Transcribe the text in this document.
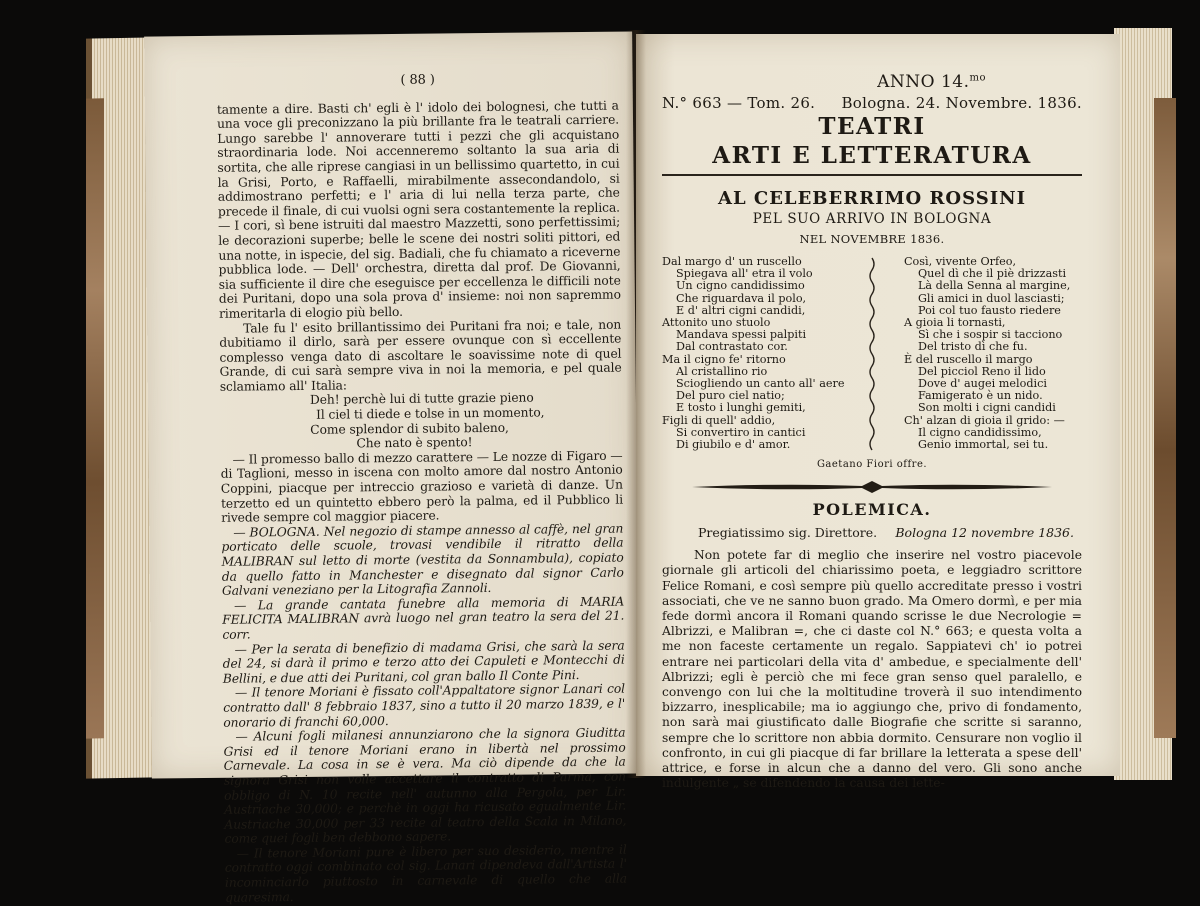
( 88 )

tamente a dire. Basti ch' egli è l' idolo dei bolognesi, che tutti a una voce gli preconizzano la più brillante fra le teatrali carriere. Lungo sarebbe l' annoverare tutti i pezzi che gli acquistano straordinaria lode. Noi accenneremo soltanto la sua aria di sortita, che alle riprese cangiasi in un bellissimo quartetto, in cui la Grisi, Porto, e Raffaelli, mirabilmente assecondandolo, si addimostrano perfetti; e l' aria di lui nella terza parte, che precede il finale, di cui vuolsi ogni sera costantemente la replica. — I cori, sì bene istruiti dal maestro Mazzetti, sono perfettissimi; le decorazioni superbe; belle le scene dei nostri soliti pittori, ed una notte, in ispecie, del sig. Badiali, che fu chiamato a riceverne pubblica lode. — Dell' orchestra, diretta dal prof. De Giovanni, sia sufficiente il dire che eseguisce per eccellenza le difficili note dei Puritani, dopo una sola prova d' insieme: noi non sapremmo rimeritarla di elogio più bello.

Tale fu l' esito brillantissimo dei Puritani fra noi; e tale, non dubitiamo il dirlo, sarà per essere ovunque con sì eccellente complesso venga dato di ascoltare le soavissime note di quel Grande, di cui sarà sempre viva in noi la memoria, e pel quale sclamiamo all' Italia:

Deh! perchè lui di tutte grazie pieno
Il ciel ti diede e tolse in un momento,
Come splendor di subito baleno,
Che nato è spento!

— Il promesso ballo di mezzo carattere — Le nozze di Figaro — di Taglioni, messo in iscena con molto amore dal nostro Antonio Coppini, piacque per intreccio grazioso e varietà di danze. Un terzetto ed un quintetto ebbero però la palma, ed il Pubblico li rivede sempre col maggior piacere.

— BOLOGNA. Nel negozio di stampe annesso al caffè, nel gran porticato delle scuole, trovasi vendibile il ritratto della MALIBRAN sul letto di morte (vestita da Sonnambula), copiato da quello fatto in Manchester e disegnato dal signor Carlo Galvani veneziano per la Litografia Zannoli.

— La grande cantata funebre alla memoria di MARIA FELICITA MALIBRAN avrà luogo nel gran teatro la sera del 21. corr.

— Per la serata di benefizio di madama Grisi, che sarà la sera del 24, si darà il primo e terzo atto dei Capuleti e Montecchi di Bellini, e due atti dei Puritani, col gran ballo Il Conte Pini.

— Il tenore Moriani è fissato coll'Appaltatore signor Lanari col contratto dall' 8 febbraio 1837, sino a tutto il 20 marzo 1839, e l' onorario di franchi 60,000.

— Alcuni fogli milanesi annunziarono che la signora Giuditta Grisi ed il tenore Moriani erano in libertà nel prossimo Carnevale. La cosa in se è vera. Ma ciò dipende da che la signora Grisi non volle accettare il contratto di Parma, con obbligo di N. 10 recite nell' autunno alla Pergola, per Lir. Austriache 30,000; e perchè in oggi ha ricusato egualmente Lir. Austriache 30,000 per 33 recite al teatro della Scala in Milano, come quei fogli ben debbono sapere.

— Il tenore Moriani pure è libero per suo desiderio, mentre il contratto oggi combinato col sig. Lanari dipendeva dall'Artista l' incominciarlo piuttosto in carnevale di quello che alla quaresima.

ANNO 14.$^{mo}$
N.° 663 — Tom. 26. Bologna. 24. Novembre. 1836.
TEATRI
ARTI E LETTERATURA
AL CELEBERRIMO ROSSINI
PEL SUO ARRIVO IN BOLOGNA
NEL NOVEMBRE 1836.
Dal margo d' un ruscello
Spiegava all' etra il volo
Un cigno candidissimo
Che riguardava il polo,
E d' altri cigni candidi,
Attonito uno stuolo
Mandava spessi palpiti
Dal contrastato cor.
Ma il cigno fe' ritorno
Al cristallino rio
Sciogliendo un canto all' aere
Del puro ciel natio;
E tosto i lunghi gemiti,
Figli di quell' addio,
Si convertiro in cantici
Di giubilo e d' amor.
Così, vivente Orfeo,
Quel dì che il piè drizzasti
Là della Senna al margine,
Gli amici in duol lasciasti;
Poi col tuo fausto riedere
A gioia li tornasti,
Sì che i sospir si tacciono
Del tristo dì che fu.
È del ruscello il margo
Del picciol Reno il lido
Dove d' augei melodici
Famigerato è un nido.
Son molti i cigni candidi
Ch' alzan di gioia il grido: —
Il cigno candidissimo,
Genio immortal, sei tu.
Gaetano Fiori offre.
POLEMICA.
Pregiatissimo sig. Direttore. Bologna 12 novembre 1836.

Non potete far di meglio che inserire nel vostro piacevole giornale gli articoli del chiarissimo poeta, e leggiadro scrittore Felice Romani, e così sempre più quello accreditate presso i vostri associati, che ve ne sanno buon grado. Ma Omero dormì, e per mia fede dormì ancora il Romani quando scrisse le due Necrologie = Albrizzi, e Malibran =, che ci daste col N.° 663; e questa volta a me non faceste certamente un regalo. Sappiatevi ch' io potrei entrare nei particolari della vita d' ambedue, e specialmente dell' Albrizzi; egli è perciò che mi fece gran senso quel paralello, e convengo con lui che la moltitudine troverà il suo intendimento bizzarro, inesplicabile; ma io aggiungo che, privo di fondamento, non sarà mai giustificato dalle Biografie che scritte si saranno, sempre che lo scrittore non abbia dormito. Censurare non voglio il confronto, in cui gli piacque di far brillare la letterata a spese dell' attrice, e forse in alcun che a danno del vero. Gli sono anche indulgente „ se difendendo la causa dei lette-
